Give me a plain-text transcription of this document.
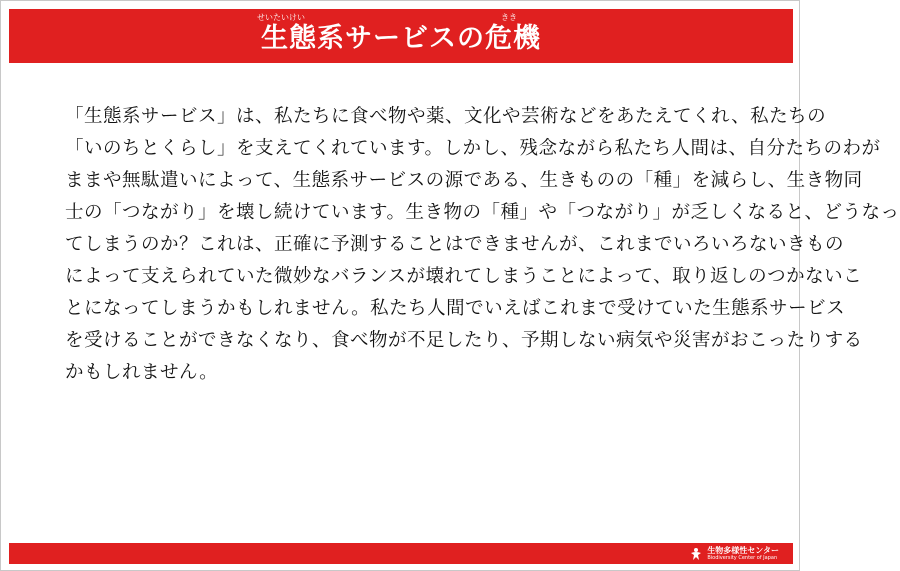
せいたいけい	きき
生態系サービスの危機
「生態系サービス」は、私たちに食べ物や薬、文化や芸術などをあたえてくれ、私たちの
「いのちとくらし」を支えてくれています。しかし、残念ながら私たち人間は、自分たちのわが
ままや無駄遣いによって、生態系サービスの源である、生きものの「種」を減らし、生き物同
士の「つながり」を壊し続けています。生き物の「種」や「つながり」が乏しくなると、どうなっ
てしまうのか？これは、正確に予測することはできませんが、これまでいろいろないきもの
によって支えられていた微妙なバランスが壊れてしまうことによって、取り返しのつかないこ
とになってしまうかもしれません。私たち人間でいえばこれまで受けていた生態系サービス
を受けることができなくなり、食べ物が不足したり、予期しない病気や災害がおこったりする
かもしれません。
生物多様性センター
Biodiversity Center of Japan
